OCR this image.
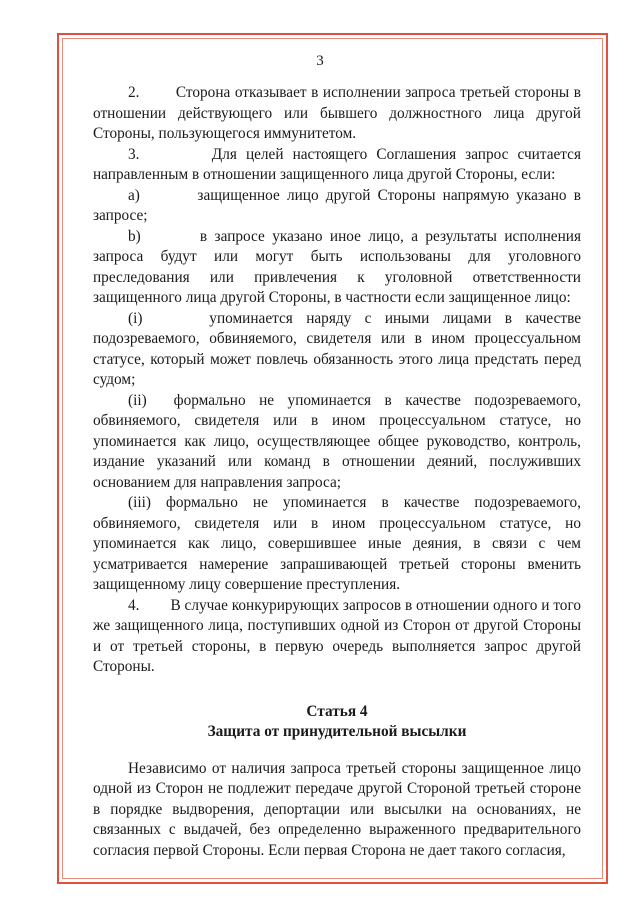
3

2.        Сторона отказывает в исполнении запроса третьей стороны в отношении действующего или бывшего должностного лица другой Стороны, пользующегося иммунитетом.

3.        Для целей настоящего Соглашения запрос считается направленным в отношении защищенного лица другой Стороны, если:

а)        защищенное лицо другой Стороны напрямую указано в запросе;

b)        в запросе указано иное лицо, а результаты исполнения запроса будут или могут быть использованы для уголовного преследования или привлечения к уголовной ответственности защищенного лица другой Стороны, в частности если защищенное лицо:

(i)     упоминается наряду с иными лицами в качестве подозреваемого, обвиняемого, свидетеля или в ином процессуальном статусе, который может повлечь обязанность этого лица предстать перед судом;

(ii)  формально не упоминается в качестве подозреваемого, обвиняемого, свидетеля или в ином процессуальном статусе, но упоминается как лицо, осуществляющее общее руководство, контроль, издание указаний или команд в отношении деяний, послуживших основанием для направления запроса;

(iii) формально не упоминается в качестве подозреваемого, обвиняемого, свидетеля или в ином процессуальном статусе, но упоминается как лицо, совершившее иные деяния, в связи с чем усматривается намерение запрашивающей третьей стороны вменить защищенному лицу совершение преступления.

4.        В случае конкурирующих запросов в отношении одного и того же защищенного лица, поступивших одной из Сторон от другой Стороны и от третьей стороны, в первую очередь выполняется запрос другой Стороны.

Статья 4

Защита от принудительной высылки

Независимо от наличия запроса третьей стороны защищенное лицо одной из Сторон не подлежит передаче другой Стороной третьей стороне в порядке выдворения, депортации или высылки на основаниях, не связанных с выдачей, без определенно выраженного предварительного согласия первой Стороны. Если первая Сторона не дает такого согласия,
